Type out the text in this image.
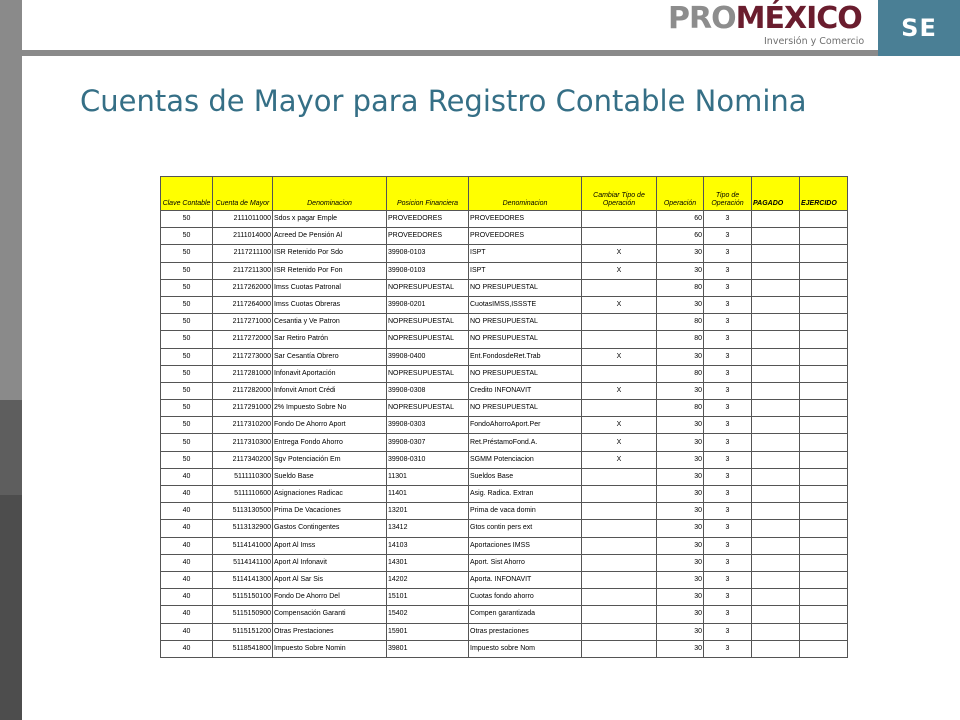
PROMÉXICO
Inversión y Comercio	SE
Cuentas de Mayor para Registro Contable Nomina
Clave Contable	Cuenta de Mayor	Denominacion	Posicion Financiera	Denominacion	Cambiar Tipo de Operación	Operación	Tipo de Operación	PAGADO	EJERCIDO
50	2111011000	Sdos x pagar Emple	PROVEEDORES	PROVEEDORES		60	3		
50	2111014000	Acreed De Pensión Al	PROVEEDORES	PROVEEDORES		60	3		
50	2117211100	ISR Retenido Por Sdo	39908-0103	ISPT	X	30	3		
50	2117211300	ISR Retenido Por Fon	39908-0103	ISPT	X	30	3		
50	2117262000	Imss Cuotas Patronal	NOPRESUPUESTAL	NO PRESUPUESTAL		80	3		
50	2117264000	Imss Cuotas Obreras	39908-0201	CuotasIMSS,ISSSTE	X	30	3		
50	2117271000	Cesantia y Ve Patron	NOPRESUPUESTAL	NO PRESUPUESTAL		80	3		
50	2117272000	Sar Retiro Patrón	NOPRESUPUESTAL	NO PRESUPUESTAL		80	3		
50	2117273000	Sar Cesantía Obrero	39908-0400	Ent.FondosdeRet.Trab	X	30	3		
50	2117281000	Infonavit Aportación	NOPRESUPUESTAL	NO PRESUPUESTAL		80	3		
50	2117282000	Infonvit Amort Crédi	39908-0308	Credito INFONAVIT	X	30	3		
50	2117291000	2% Impuesto Sobre No	NOPRESUPUESTAL	NO PRESUPUESTAL		80	3		
50	2117310200	Fondo De Ahorro Aport	39908-0303	FondoAhorroAport.Per	X	30	3		
50	2117310300	Entrega Fondo Ahorro	39908-0307	Ret.PréstamoFond.A.	X	30	3		
50	2117340200	Sgv Potenciación Em	39908-0310	SGMM Potenciacion	X	30	3		
40	5111110300	Sueldo Base	11301	Sueldos Base		30	3		
40	5111110600	Asignaciones Radicac	11401	Asig. Radica. Extran		30	3		
40	5113130500	Prima De Vacaciones	13201	Prima de vaca domin		30	3		
40	5113132900	Gastos Contingentes	13412	Gtos contin pers ext		30	3		
40	5114141000	Aport Al Imss	14103	Aportaciones IMSS		30	3		
40	5114141100	Aport Al Infonavit	14301	Aport. Sist Ahorro		30	3		
40	5114141300	Aport Al Sar Sis	14202	Aporta. INFONAVIT		30	3		
40	5115150100	Fondo De Ahorro Del	15101	Cuotas fondo ahorro		30	3		
40	5115150900	Compensación Garanti	15402	Compen garantizada		30	3		
40	5115151200	Otras Prestaciones	15901	Otras prestaciones		30	3		
40	5118541800	Impuesto Sobre Nomin	39801	Impuesto sobre Nom		30	3		
